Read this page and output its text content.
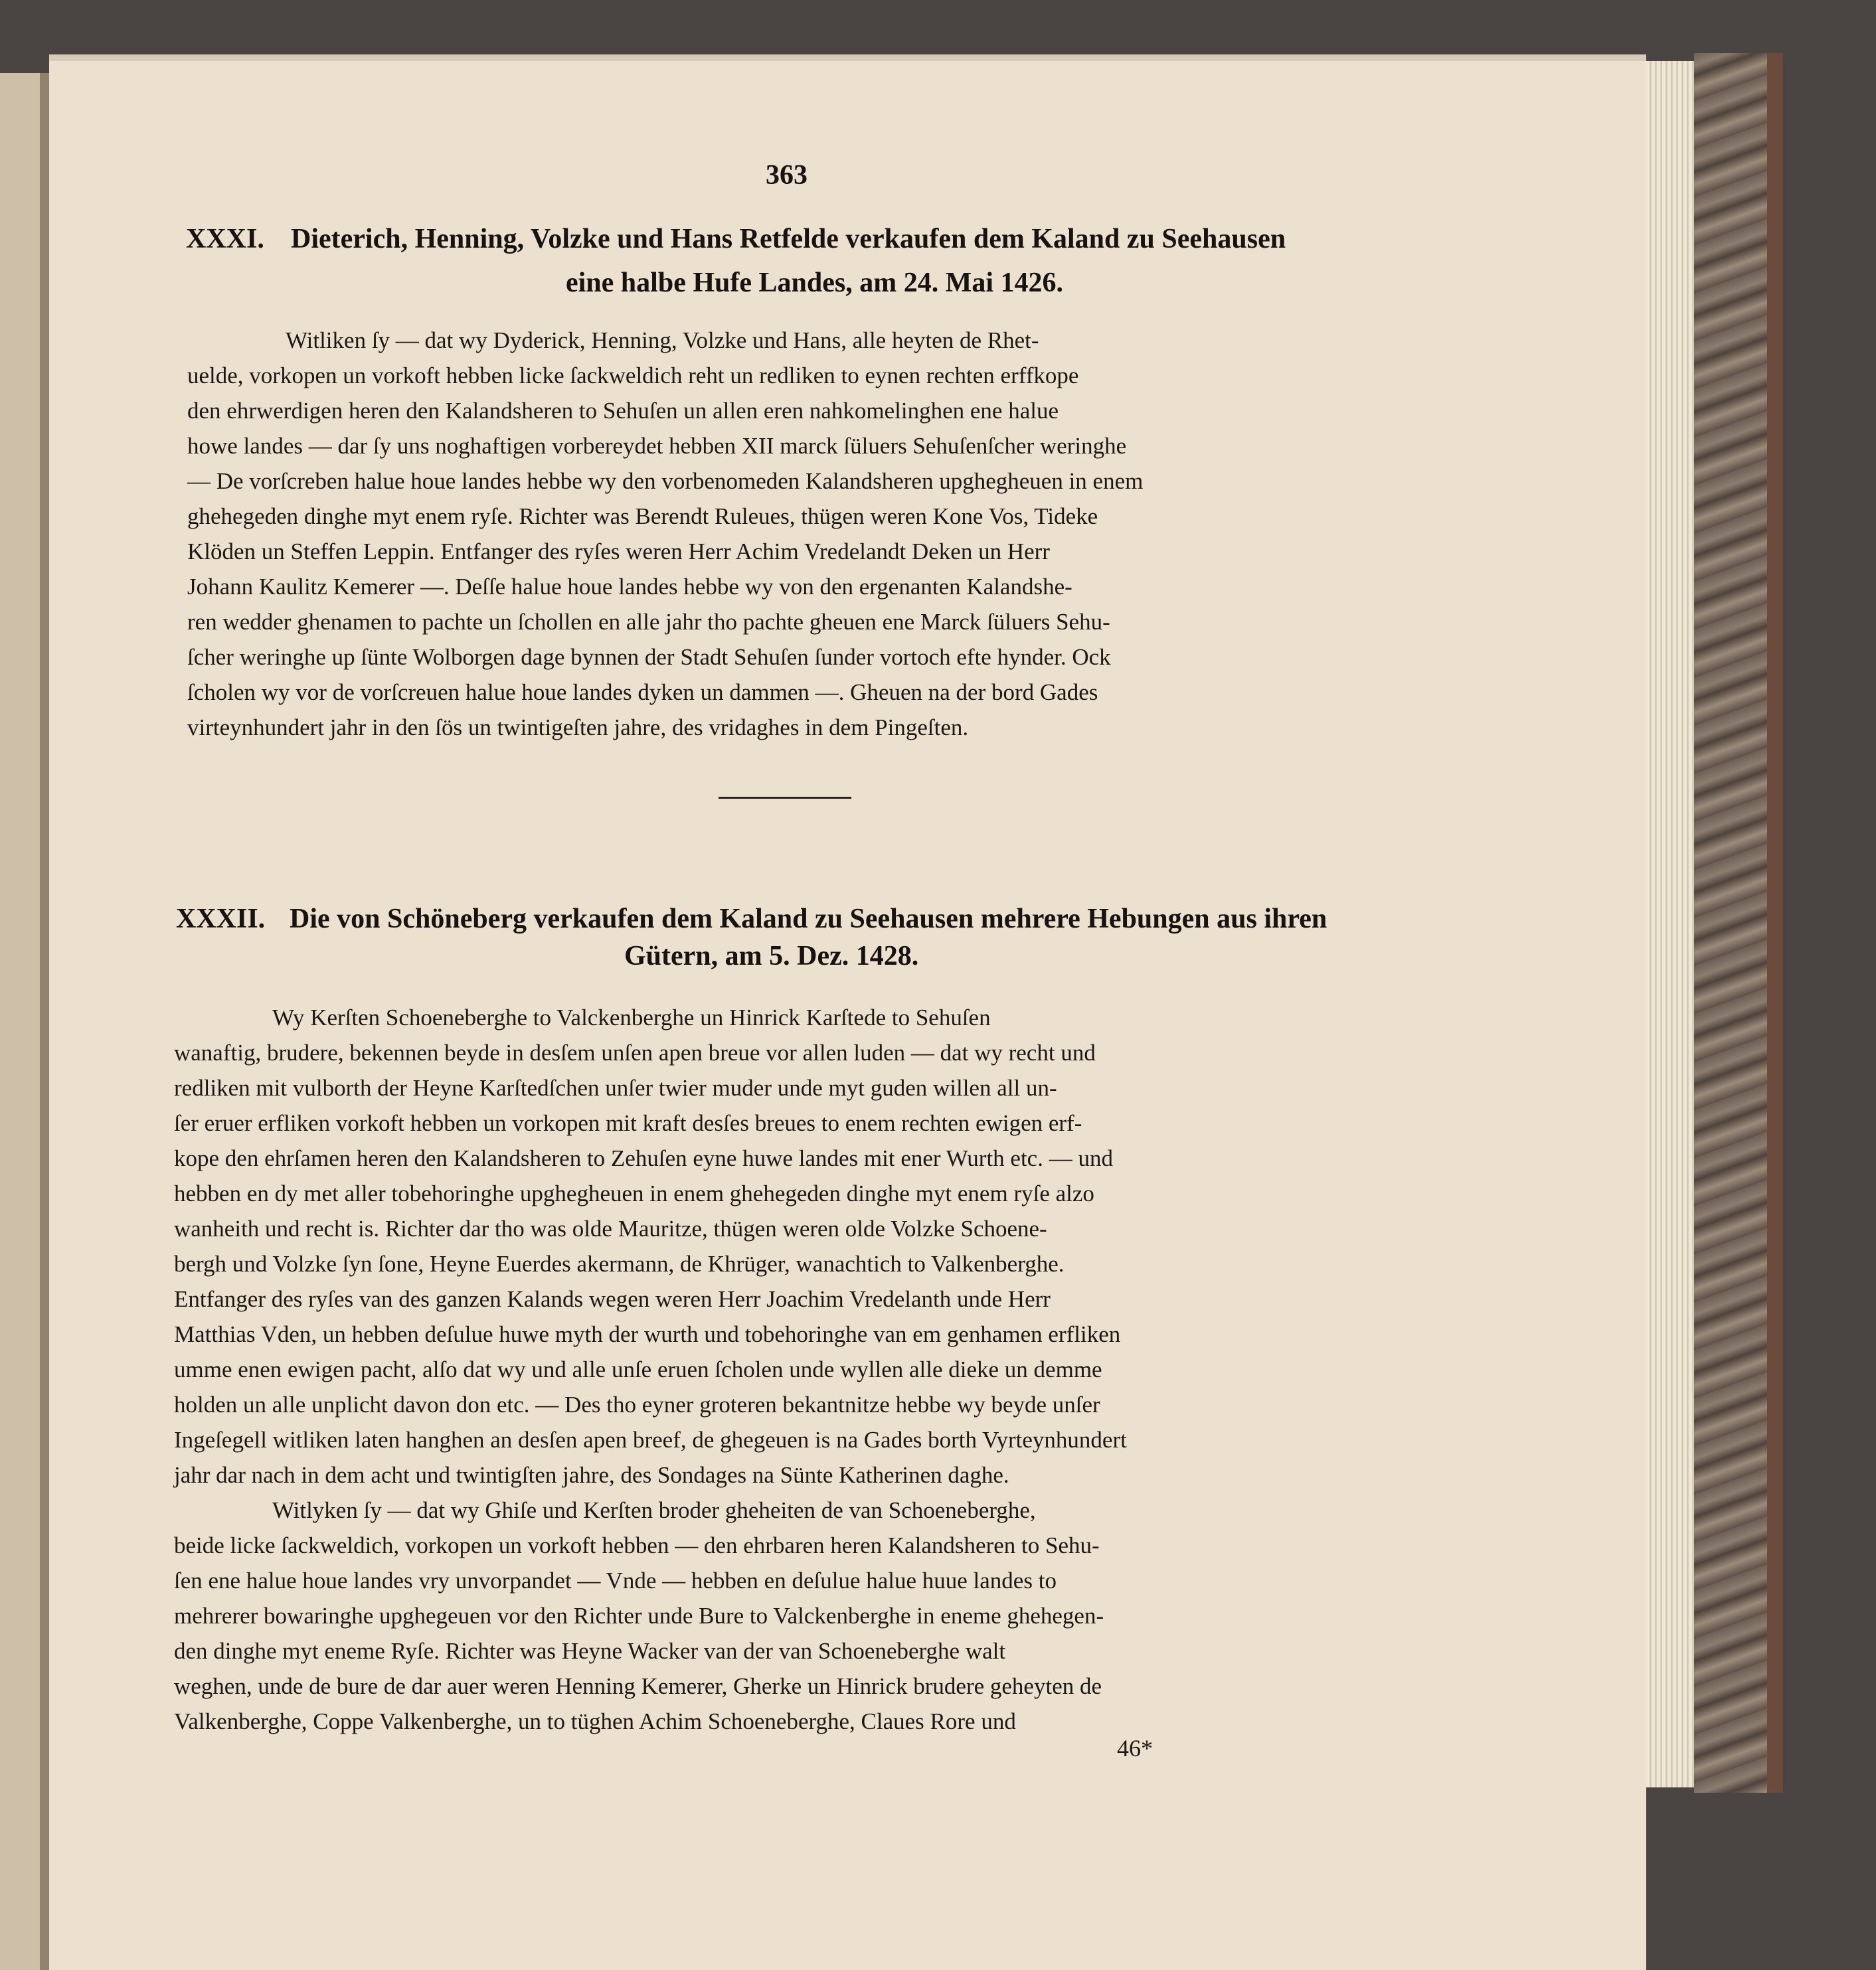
363
XXXI. Dieterich, Henning, Volzke und Hans Retfelde verkaufen dem Kaland zu Seehausen
eine halbe Hufe Landes, am 24. Mai 1426.
Witliken ſy — dat wy Dyderick, Henning, Volzke und Hans, alle heyten de Rhet-
uelde, vorkopen un vorkoft hebben licke ſackweldich reht un redliken to eynen rechten erffkope
den ehrwerdigen heren den Kalandsheren to Sehuſen un allen eren nahkomelinghen ene halue
howe landes — dar ſy uns noghaftigen vorbereydet hebben XII marck ſüluers Sehuſenſcher weringhe
— De vorſcreben halue houe landes hebbe wy den vorbenomeden Kalandsheren upghegheuen in enem
ghehegeden dinghe myt enem ryſe. Richter was Berendt Ruleues, thügen weren Kone Vos, Tideke
Klöden un Steffen Leppin. Entfanger des ryſes weren Herr Achim Vredelandt Deken un Herr
Johann Kaulitz Kemerer —. Deſſe halue houe landes hebbe wy von den ergenanten Kalandshe-
ren wedder ghenamen to pachte un ſchollen en alle jahr tho pachte gheuen ene Marck ſüluers Sehu-
ſcher weringhe up ſünte Wolborgen dage bynnen der Stadt Sehuſen ſunder vortoch efte hynder. Ock
ſcholen wy vor de vorſcreuen halue houe landes dyken un dammen —. Gheuen na der bord Gades
virteynhundert jahr in den ſös un twintigeſten jahre, des vridaghes in dem Pingeſten.
XXXII. Die von Schöneberg verkaufen dem Kaland zu Seehausen mehrere Hebungen aus ihren
Gütern, am 5. Dez. 1428.
Wy Kerſten Schoeneberghe to Valckenberghe un Hinrick Karſtede to Sehuſen
wanaftig, brudere, bekennen beyde in desſem unſen apen breue vor allen luden — dat wy recht und
redliken mit vulborth der Heyne Karſtedſchen unſer twier muder unde myt guden willen all un-
ſer eruer erfliken vorkoft hebben un vorkopen mit kraft desſes breues to enem rechten ewigen erf-
kope den ehrſamen heren den Kalandsheren to Zehuſen eyne huwe landes mit ener Wurth etc. — und
hebben en dy met aller tobehoringhe upghegheuen in enem ghehegeden dinghe myt enem ryſe alzo
wanheith und recht is. Richter dar tho was olde Mauritze, thügen weren olde Volzke Schoene-
bergh und Volzke ſyn ſone, Heyne Euerdes akermann, de Khrüger, wanachtich to Valkenberghe.
Entfanger des ryſes van des ganzen Kalands wegen weren Herr Joachim Vredelanth unde Herr
Matthias Vden, un hebben deſulue huwe myth der wurth und tobehoringhe van em genhamen erfliken
umme enen ewigen pacht, alſo dat wy und alle unſe eruen ſcholen unde wyllen alle dieke un demme
holden un alle unplicht davon don etc. — Des tho eyner groteren bekantnitze hebbe wy beyde unſer
Ingeſegell witliken laten hanghen an desſen apen breef, de ghegeuen is na Gades borth Vyrteynhundert
jahr dar nach in dem acht und twintigſten jahre, des Sondages na Sünte Katherinen daghe.
Witlyken ſy — dat wy Ghiſe und Kerſten broder gheheiten de van Schoeneberghe,
beide licke ſackweldich, vorkopen un vorkoft hebben — den ehrbaren heren Kalandsheren to Sehu-
ſen ene halue houe landes vry unvorpandet — Vnde — hebben en deſulue halue huue landes to
mehrerer bowaringhe upghegeuen vor den Richter unde Bure to Valckenberghe in eneme ghehegen-
den dinghe myt eneme Ryſe. Richter was Heyne Wacker van der van Schoeneberghe walt
weghen, unde de bure de dar auer weren Henning Kemerer, Gherke un Hinrick brudere geheyten de
Valkenberghe, Coppe Valkenberghe, un to tüghen Achim Schoeneberghe, Claues Rore und
46*
